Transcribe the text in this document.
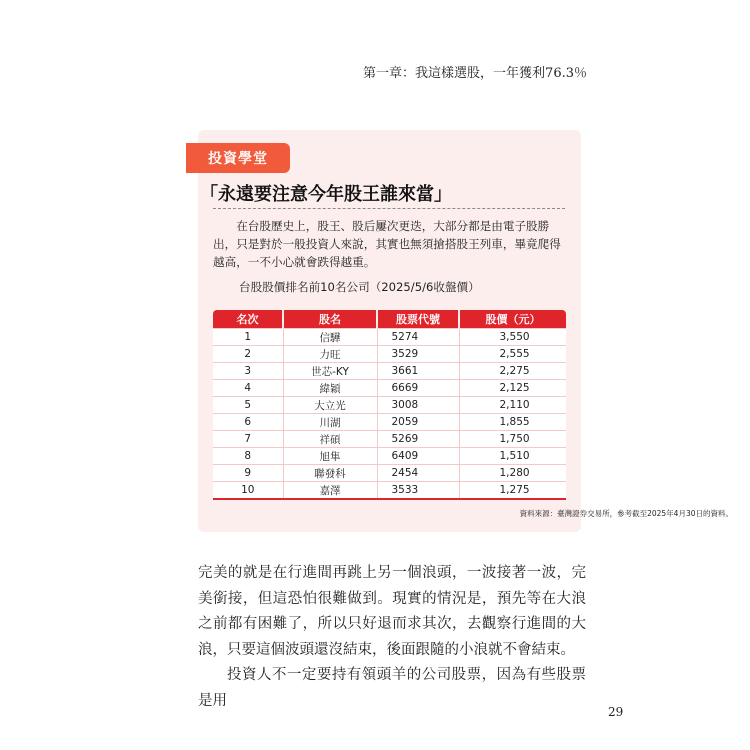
第一章：我這樣選股，一年獲利76.3％
投資學堂
「永遠要注意今年股王誰來當」

在台股歷史上，股王、股后屢次更迭，大部分都是由電子股勝出，只是對於一般投資人來說，其實也無須搶搭股王列車，畢竟爬得越高，一不小心就會跌得越重。

台股股價排名前10名公司（2025/5/6收盤價）
名次	股名	股票代號	股價（元）
1	信驊	5274	3,550
2	力旺	3529	2,555
3	世芯-KY	3661	2,275
4	緯穎	6669	2,125
5	大立光	3008	2,110
6	川湖	2059	1,855
7	祥碩	5269	1,750
8	旭隼	6409	1,510
9	聯發科	2454	1,280
10	嘉澤	3533	1,275
資料來源：臺灣證券交易所，參考截至2025年4月30日的資料。

完美的就是在行進間再跳上另一個浪頭，一波接著一波，完美銜接，但這恐怕很難做到。現實的情況是，預先等在大浪之前都有困難了，所以只好退而求其次，去觀察行進間的大浪，只要這個波頭還沒結束，後面跟隨的小浪就不會結束。

投資人不一定要持有領頭羊的公司股票，因為有些股票是用

29
